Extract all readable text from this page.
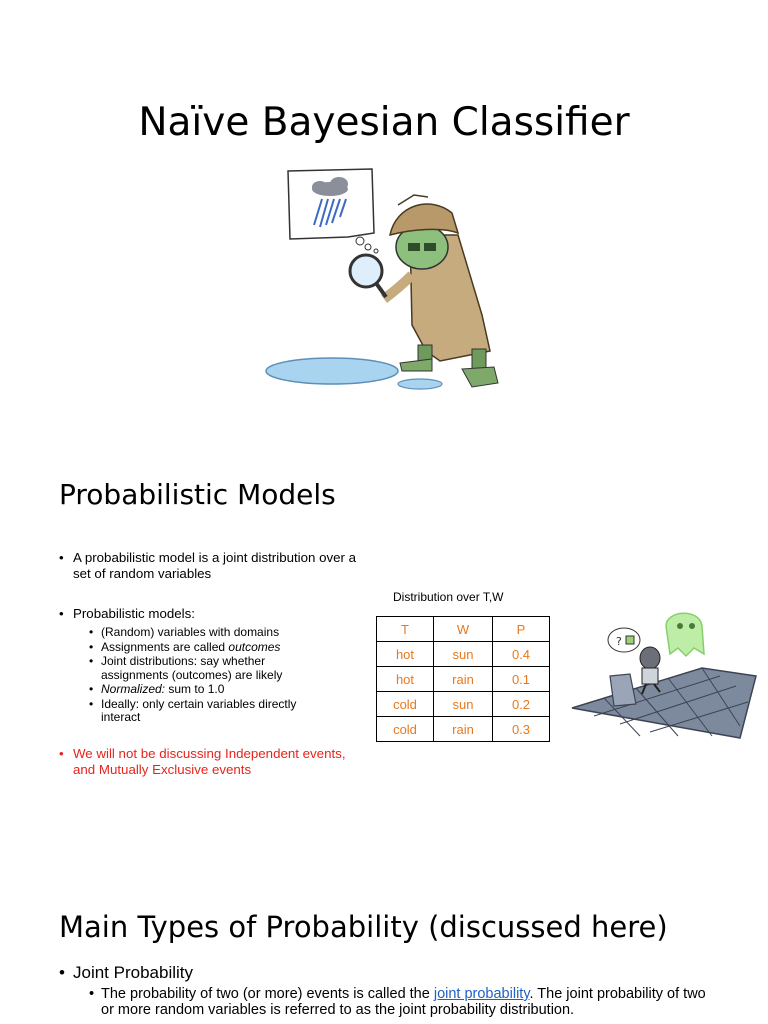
Naïve Bayesian Classifier
Probabilistic Models
• A probabilistic model is a joint distribution over a set of random variables
• Probabilistic models:
• (Random) variables with domains
• Assignments are called outcomes
• Joint distributions: say whether assignments (outcomes) are likely
• Normalized: sum to 1.0
• Ideally: only certain variables directly interact
• We will not be discussing Independent events, and Mutually Exclusive events
Distribution over T,W
T	W	P
hot	sun	0.4
hot	rain	0.1
cold	sun	0.2
cold	rain	0.3
?
Main Types of Probability (discussed here)
• Joint Probability
• The probability of two (or more) events is called the joint probability. The joint probability of two or more random variables is referred to as the joint probability distribution.
